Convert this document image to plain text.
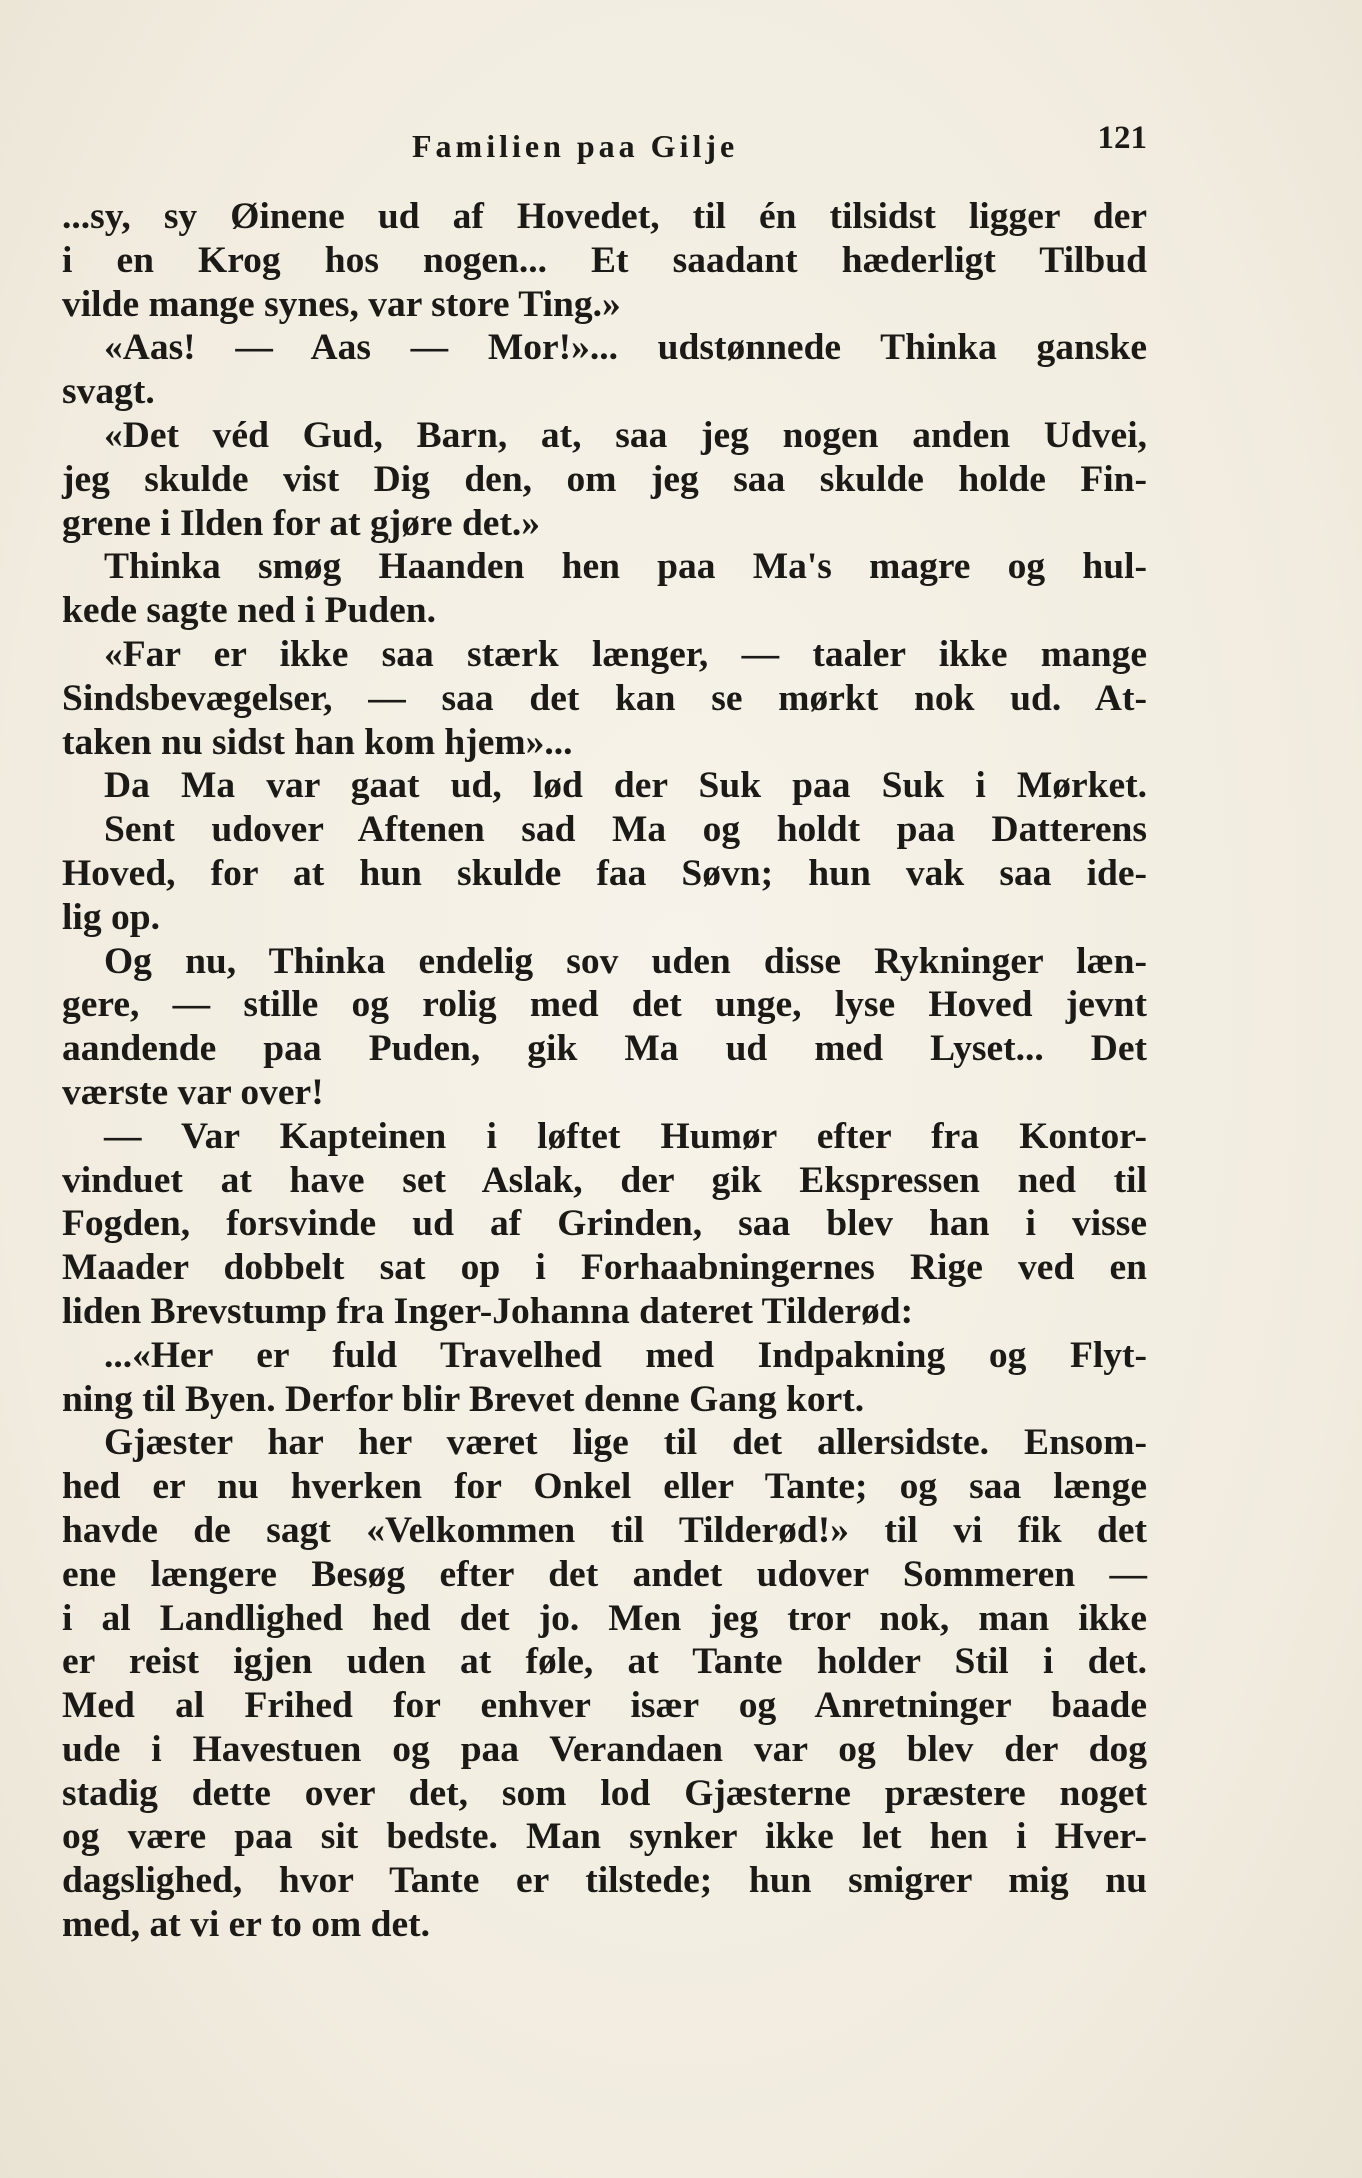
Familien paa Gilje	121
...sy, sy Øinene ud af Hovedet, til én tilsidst ligger der
i en Krog hos nogen... Et saadant hæderligt Tilbud
vilde mange synes, var store Ting.»
«Aas! — Aas — Mor!»... udstønnede Thinka ganske
svagt.
«Det véd Gud, Barn, at, saa jeg nogen anden Udvei,
jeg skulde vist Dig den, om jeg saa skulde holde Fin-
grene i Ilden for at gjøre det.»
Thinka smøg Haanden hen paa Ma's magre og hul-
kede sagte ned i Puden.
«Far er ikke saa stærk længer, — taaler ikke mange
Sindsbevægelser, — saa det kan se mørkt nok ud. At-
taken nu sidst han kom hjem»...
Da Ma var gaat ud, lød der Suk paa Suk i Mørket.
Sent udover Aftenen sad Ma og holdt paa Datterens
Hoved, for at hun skulde faa Søvn; hun vak saa ide-
lig op.
Og nu, Thinka endelig sov uden disse Rykninger læn-
gere, — stille og rolig med det unge, lyse Hoved jevnt
aandende paa Puden, gik Ma ud med Lyset... Det
værste var over!
— Var Kapteinen i løftet Humør efter fra Kontor-
vinduet at have set Aslak, der gik Ekspressen ned til
Fogden, forsvinde ud af Grinden, saa blev han i visse
Maader dobbelt sat op i Forhaabningernes Rige ved en
liden Brevstump fra Inger-Johanna dateret Tilderød:
...«Her er fuld Travelhed med Indpakning og Flyt-
ning til Byen. Derfor blir Brevet denne Gang kort.
Gjæster har her været lige til det allersidste. Ensom-
hed er nu hverken for Onkel eller Tante; og saa længe
havde de sagt «Velkommen til Tilderød!» til vi fik det
ene længere Besøg efter det andet udover Sommeren —
i al Landlighed hed det jo. Men jeg tror nok, man ikke
er reist igjen uden at føle, at Tante holder Stil i det.
Med al Frihed for enhver især og Anretninger baade
ude i Havestuen og paa Verandaen var og blev der dog
stadig dette over det, som lod Gjæsterne præstere noget
og være paa sit bedste. Man synker ikke let hen i Hver-
dagslighed, hvor Tante er tilstede; hun smigrer mig nu
med, at vi er to om det.
